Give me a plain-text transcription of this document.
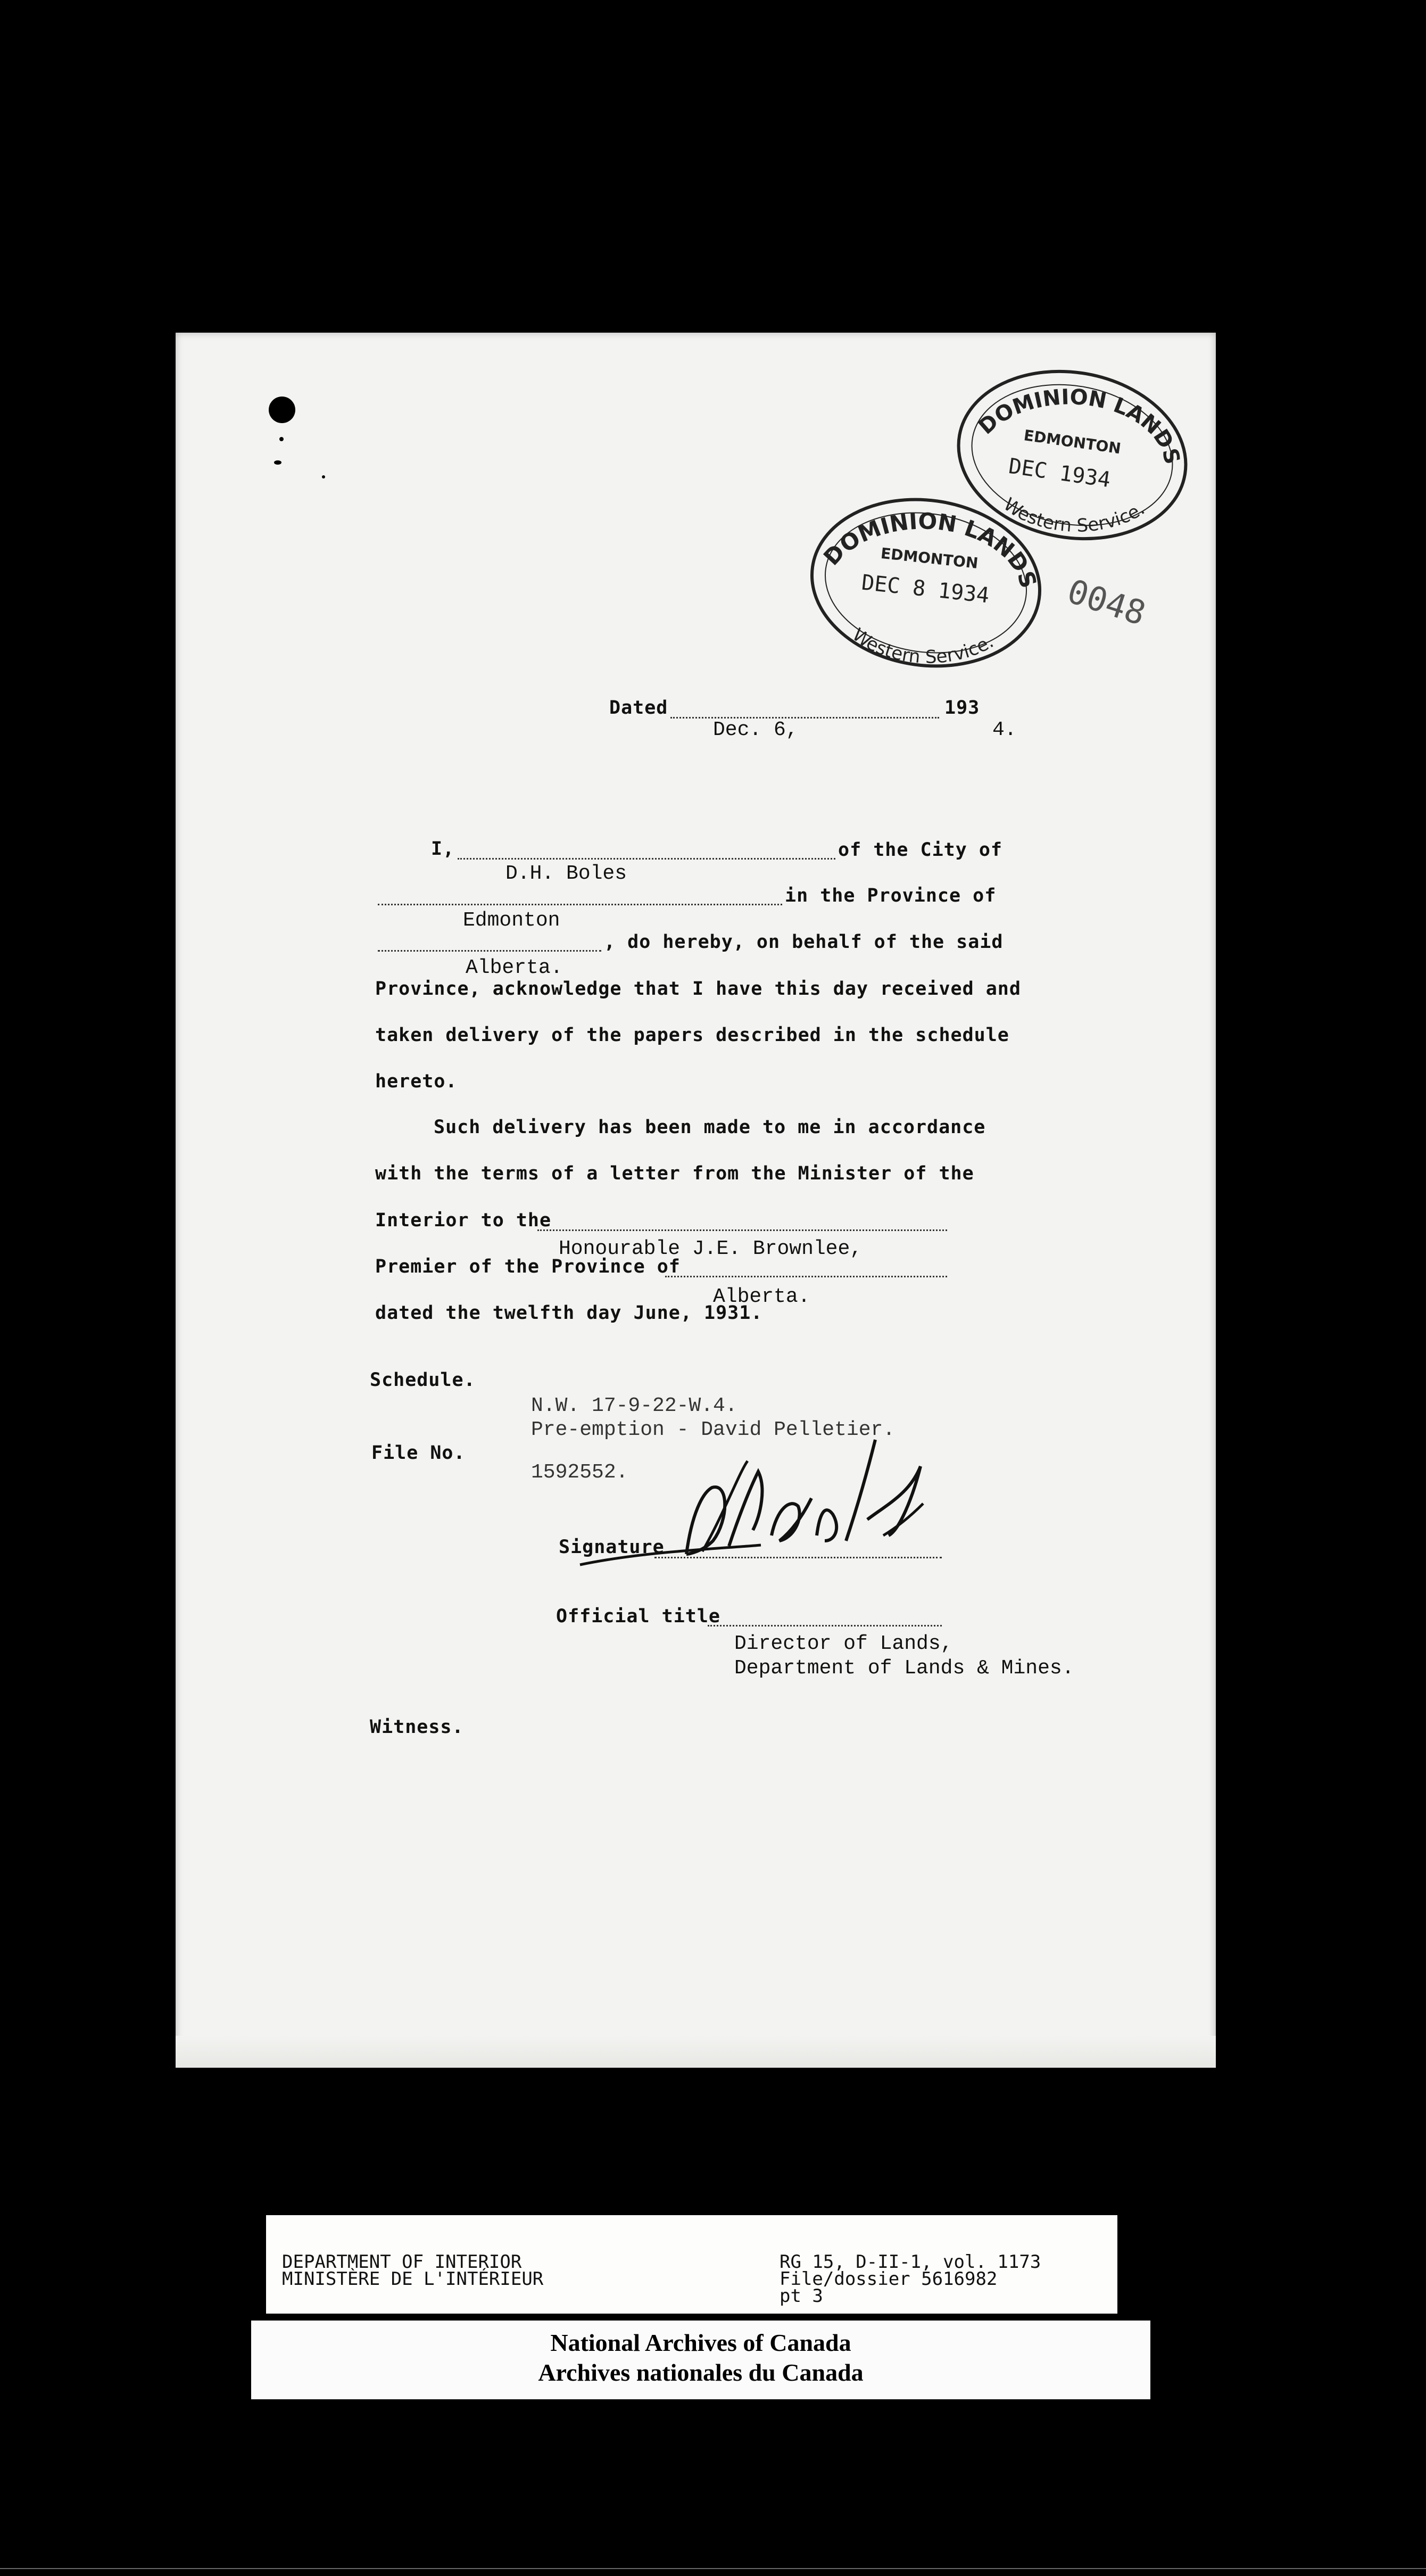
DOMINION LANDS
EDMONTON
DEC 1934
Western Service.
DOMINION LANDS
EDMONTON
DEC 8 1934
Western Service.
0048
Dated	193
Dec. 6,	4.
I,	of the City of
D.H. Boles
in the Province of
Edmonton
, do hereby, on behalf of the said
Alberta.
Province, acknowledge that I have this day received and
taken delivery of the papers described in the schedule
hereto.
Such delivery has been made to me in accordance
with the terms of a letter from the Minister of the
Interior to the
Honourable J.E. Brownlee,
Premier of the Province of
Alberta.
dated the twelfth day June, 1931.
Schedule.
N.W. 17-9-22-W.4.
Pre-emption - David Pelletier.
File No.
1592552.
Signature
Official title
Director of Lands,
Department of Lands & Mines.
Witness.
DEPARTMENT OF INTERIOR
MINISTÈRE DE L'INTÉRIEUR
RG 15, D-II-1, vol. 1173
File/dossier 5616982
pt 3
National Archives of Canada
Archives nationales du Canada
